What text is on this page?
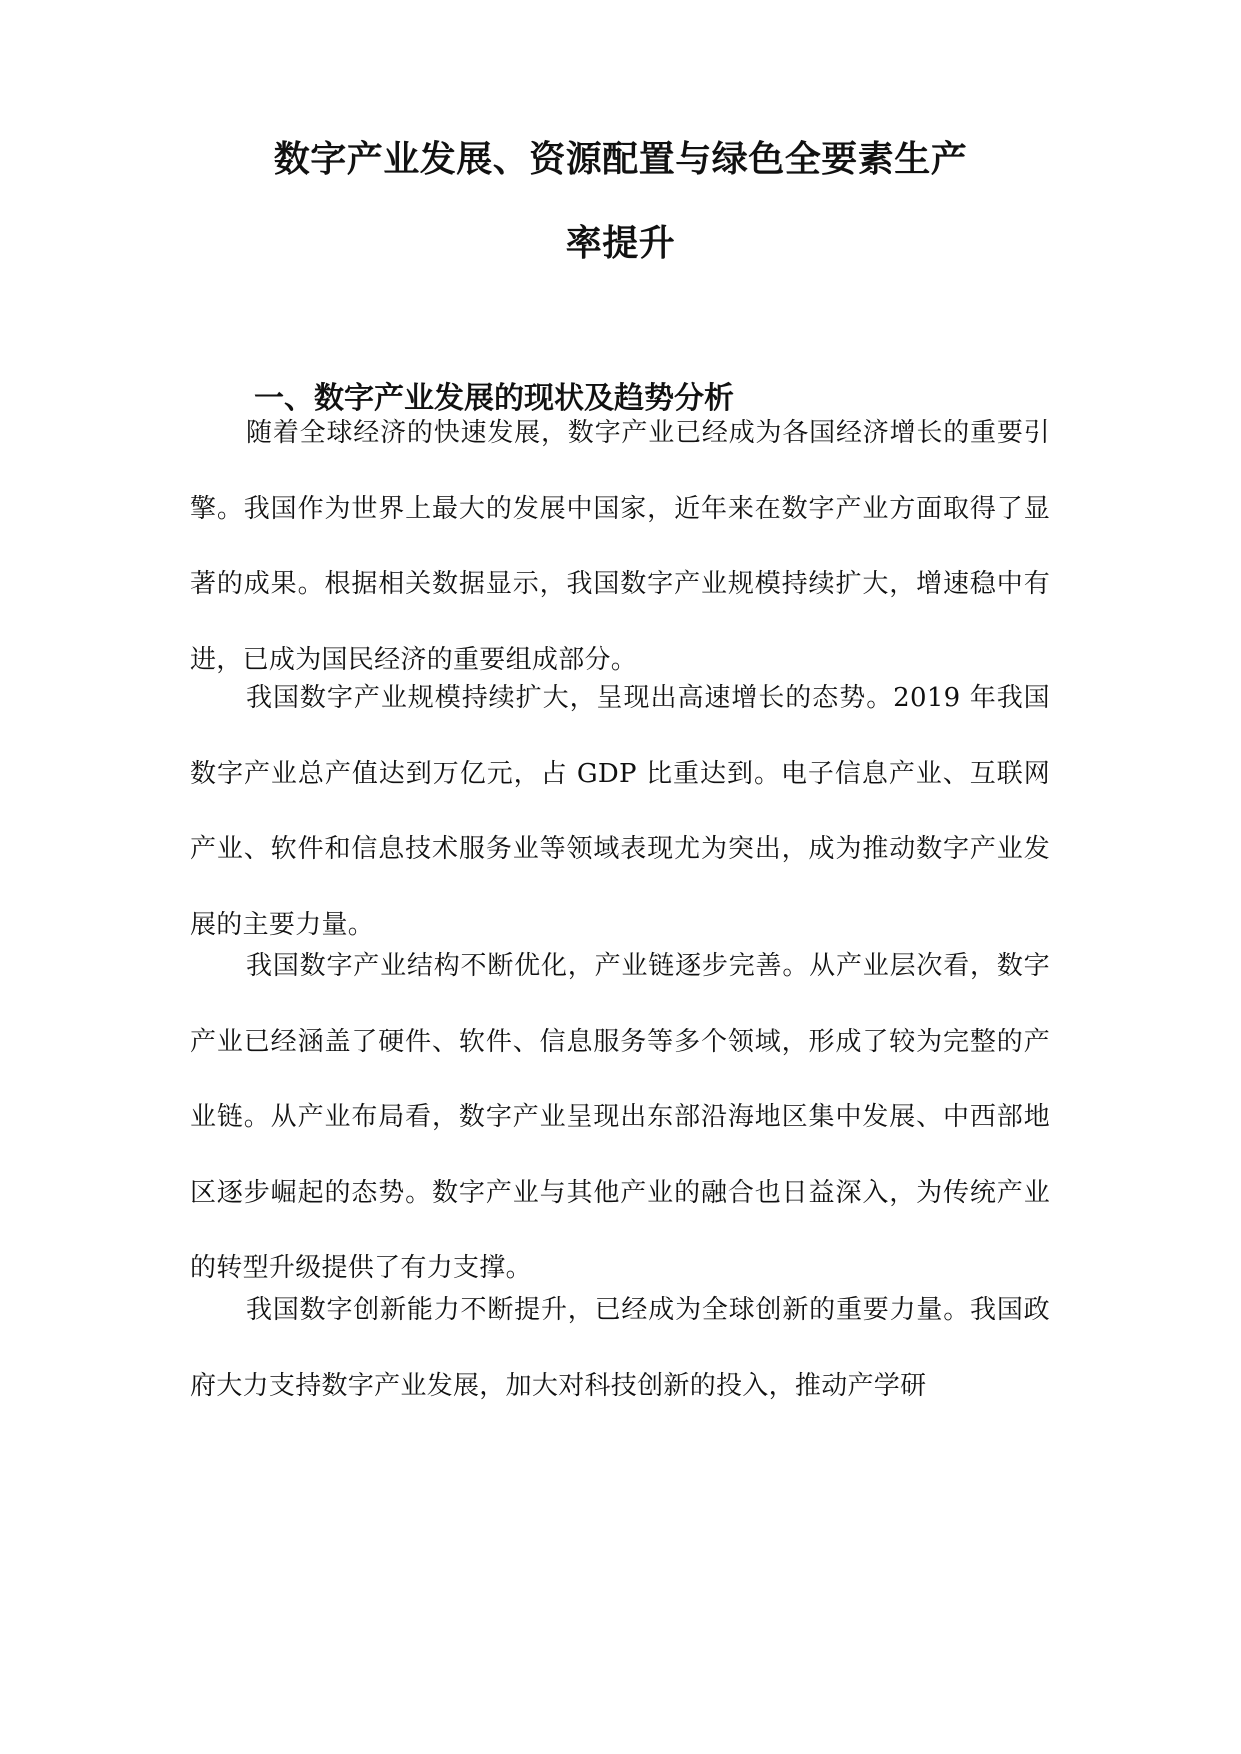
数字产业发展、资源配置与绿色全要素生产
率提升
一、数字产业发展的现状及趋势分析

随着全球经济的快速发展，数字产业已经成为各国经济增长的重要引擎。我国作为世界上最大的发展中国家，近年来在数字产业方面取得了显著的成果。根据相关数据显示，我国数字产业规模持续扩大，增速稳中有进，已成为国民经济的重要组成部分。

我国数字产业规模持续扩大，呈现出高速增长的态势。2019 年我国数字产业总产值达到万亿元，占 GDP 比重达到。电子信息产业、互联网产业、软件和信息技术服务业等领域表现尤为突出，成为推动数字产业发展的主要力量。

我国数字产业结构不断优化，产业链逐步完善。从产业层次看，数字产业已经涵盖了硬件、软件、信息服务等多个领域，形成了较为完整的产业链。从产业布局看，数字产业呈现出东部沿海地区集中发展、中西部地区逐步崛起的态势。数字产业与其他产业的融合也日益深入，为传统产业的转型升级提供了有力支撑。

我国数字创新能力不断提升，已经成为全球创新的重要力量。我国政府大力支持数字产业发展，加大对科技创新的投入，推动产学研
